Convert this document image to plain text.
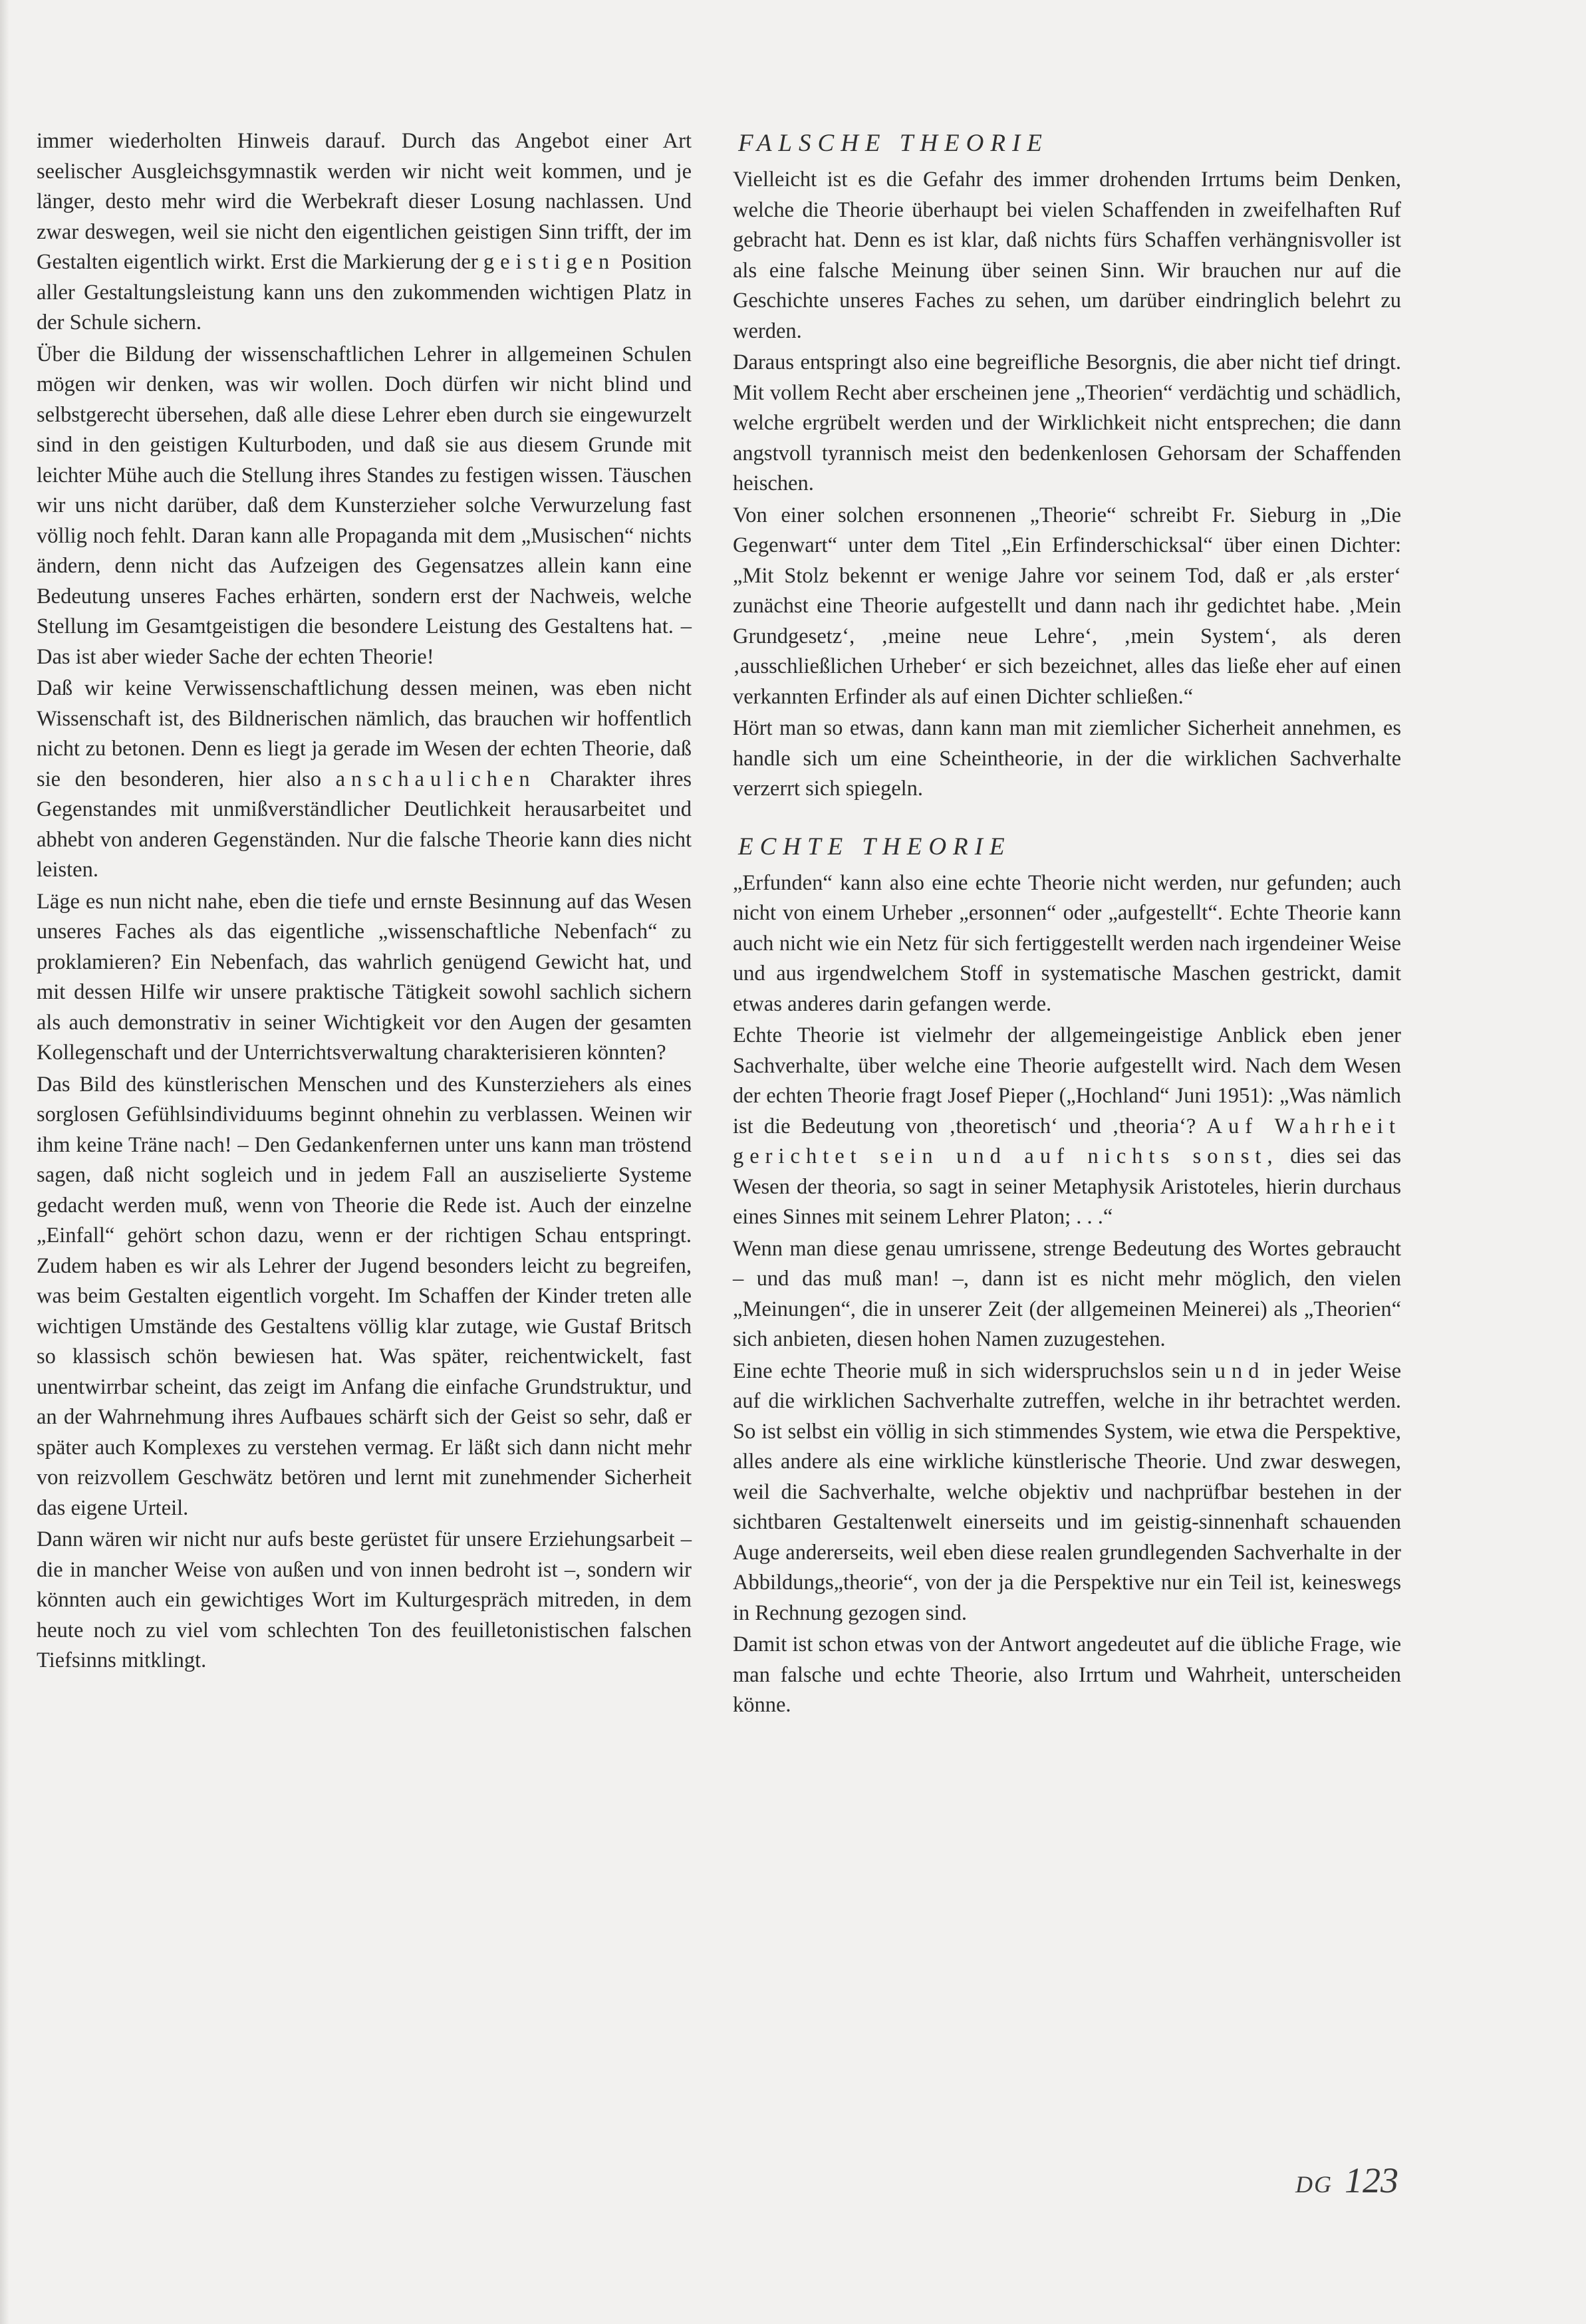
immer wiederholten Hinweis darauf. Durch das Angebot einer Art seelischer Ausgleichsgymnastik werden wir nicht weit kommen, und je länger, desto mehr wird die Werbekraft dieser Losung nachlassen. Und zwar deswegen, weil sie nicht den eigentlichen geistigen Sinn trifft, der im Gestalten eigentlich wirkt. Erst die Markierung der geistigen Position aller Gestaltungsleistung kann uns den zukommenden wichtigen Platz in der Schule sichern.

Über die Bildung der wissenschaftlichen Lehrer in allgemeinen Schulen mögen wir denken, was wir wollen. Doch dürfen wir nicht blind und selbstgerecht übersehen, daß alle diese Lehrer eben durch sie eingewurzelt sind in den geistigen Kulturboden, und daß sie aus diesem Grunde mit leichter Mühe auch die Stellung ihres Standes zu festigen wissen. Täuschen wir uns nicht darüber, daß dem Kunsterzieher solche Verwurzelung fast völlig noch fehlt. Daran kann alle Propaganda mit dem „Musischen“ nichts ändern, denn nicht das Aufzeigen des Gegensatzes allein kann eine Bedeutung unseres Faches erhärten, sondern erst der Nachweis, welche Stellung im Gesamtgeistigen die besondere Leistung des Gestaltens hat. – Das ist aber wieder Sache der echten Theorie!

Daß wir keine Verwissenschaftlichung dessen meinen, was eben nicht Wissenschaft ist, des Bildnerischen nämlich, das brauchen wir hoffentlich nicht zu betonen. Denn es liegt ja gerade im Wesen der echten Theorie, daß sie den besonderen, hier also anschaulichen Charakter ihres Gegenstandes mit unmißverständlicher Deutlichkeit herausarbeitet und abhebt von anderen Gegenständen. Nur die falsche Theorie kann dies nicht leisten.

Läge es nun nicht nahe, eben die tiefe und ernste Besinnung auf das Wesen unseres Faches als das eigentliche „wissenschaftliche Nebenfach“ zu proklamieren? Ein Nebenfach, das wahrlich genügend Gewicht hat, und mit dessen Hilfe wir unsere praktische Tätigkeit sowohl sachlich sichern als auch demonstrativ in seiner Wichtigkeit vor den Augen der gesamten Kollegenschaft und der Unterrichtsverwaltung charakterisieren könnten?

Das Bild des künstlerischen Menschen und des Kunsterziehers als eines sorglosen Gefühlsindividuums beginnt ohnehin zu verblassen. Weinen wir ihm keine Träne nach! – Den Gedankenfernen unter uns kann man tröstend sagen, daß nicht sogleich und in jedem Fall an ausziselierte Systeme gedacht werden muß, wenn von Theorie die Rede ist. Auch der einzelne „Einfall“ gehört schon dazu, wenn er der richtigen Schau entspringt. Zudem haben es wir als Lehrer der Jugend besonders leicht zu begreifen, was beim Gestalten eigentlich vorgeht. Im Schaffen der Kinder treten alle wichtigen Umstände des Gestaltens völlig klar zutage, wie Gustaf Britsch so klassisch schön bewiesen hat. Was später, reichentwickelt, fast unentwirrbar scheint, das zeigt im Anfang die einfache Grundstruktur, und an der Wahrnehmung ihres Aufbaues schärft sich der Geist so sehr, daß er später auch Komplexes zu verstehen vermag. Er läßt sich dann nicht mehr von reizvollem Geschwätz betören und lernt mit zunehmender Sicherheit das eigene Urteil.

Dann wären wir nicht nur aufs beste gerüstet für unsere Erziehungsarbeit – die in mancher Weise von außen und von innen bedroht ist –, sondern wir könnten auch ein gewichtiges Wort im Kulturgespräch mitreden, in dem heute noch zu viel vom schlechten Ton des feuilletonistischen falschen Tiefsinns mitklingt.

FALSCHE THEORIE

Vielleicht ist es die Gefahr des immer drohenden Irrtums beim Denken, welche die Theorie überhaupt bei vielen Schaffenden in zweifelhaften Ruf gebracht hat. Denn es ist klar, daß nichts fürs Schaffen verhängnisvoller ist als eine falsche Meinung über seinen Sinn. Wir brauchen nur auf die Geschichte unseres Faches zu sehen, um darüber eindringlich belehrt zu werden.

Daraus entspringt also eine begreifliche Besorgnis, die aber nicht tief dringt. Mit vollem Recht aber erscheinen jene „Theorien“ verdächtig und schädlich, welche ergrübelt werden und der Wirklichkeit nicht entsprechen; die dann angstvoll tyrannisch meist den bedenkenlosen Gehorsam der Schaffenden heischen.

Von einer solchen ersonnenen „Theorie“ schreibt Fr. Sieburg in „Die Gegenwart“ unter dem Titel „Ein Erfinderschicksal“ über einen Dichter: „Mit Stolz bekennt er wenige Jahre vor seinem Tod, daß er ‚als erster‘ zunächst eine Theorie aufgestellt und dann nach ihr gedichtet habe. ‚Mein Grundgesetz‘, ‚meine neue Lehre‘, ‚mein System‘, als deren ‚ausschließlichen Urheber‘ er sich bezeichnet, alles das ließe eher auf einen verkannten Erfinder als auf einen Dichter schließen.“

Hört man so etwas, dann kann man mit ziemlicher Sicherheit annehmen, es handle sich um eine Scheintheorie, in der die wirklichen Sachverhalte verzerrt sich spiegeln.

ECHTE THEORIE

„Erfunden“ kann also eine echte Theorie nicht werden, nur gefunden; auch nicht von einem Urheber „ersonnen“ oder „aufgestellt“. Echte Theorie kann auch nicht wie ein Netz für sich fertiggestellt werden nach irgendeiner Weise und aus irgendwelchem Stoff in systematische Maschen gestrickt, damit etwas anderes darin gefangen werde.

Echte Theorie ist vielmehr der allgemeingeistige Anblick eben jener Sachverhalte, über welche eine Theorie aufgestellt wird. Nach dem Wesen der echten Theorie fragt Josef Pieper („Hochland“ Juni 1951): „Was nämlich ist die Bedeutung von ‚theoretisch‘ und ‚theoria‘? Auf Wahrheit gerichtet sein und auf nichts sonst, dies sei das Wesen der theoria, so sagt in seiner Metaphysik Aristoteles, hierin durchaus eines Sinnes mit seinem Lehrer Platon; . . .“

Wenn man diese genau umrissene, strenge Bedeutung des Wortes gebraucht – und das muß man! –, dann ist es nicht mehr möglich, den vielen „Meinungen“, die in unserer Zeit (der allgemeinen Meinerei) als „Theorien“ sich anbieten, diesen hohen Namen zuzugestehen.

Eine echte Theorie muß in sich widerspruchslos sein und in jeder Weise auf die wirklichen Sachverhalte zutreffen, welche in ihr betrachtet werden. So ist selbst ein völlig in sich stimmendes System, wie etwa die Perspektive, alles andere als eine wirkliche künstlerische Theorie. Und zwar deswegen, weil die Sachverhalte, welche objektiv und nachprüfbar bestehen in der sichtbaren Gestaltenwelt einerseits und im geistig-sinnenhaft schauenden Auge andererseits, weil eben diese realen grundlegenden Sachverhalte in der Abbildungs„theorie“, von der ja die Perspektive nur ein Teil ist, keineswegs in Rechnung gezogen sind.

Damit ist schon etwas von der Antwort angedeutet auf die übliche Frage, wie man falsche und echte Theorie, also Irrtum und Wahrheit, unterscheiden könne.

DG 123
